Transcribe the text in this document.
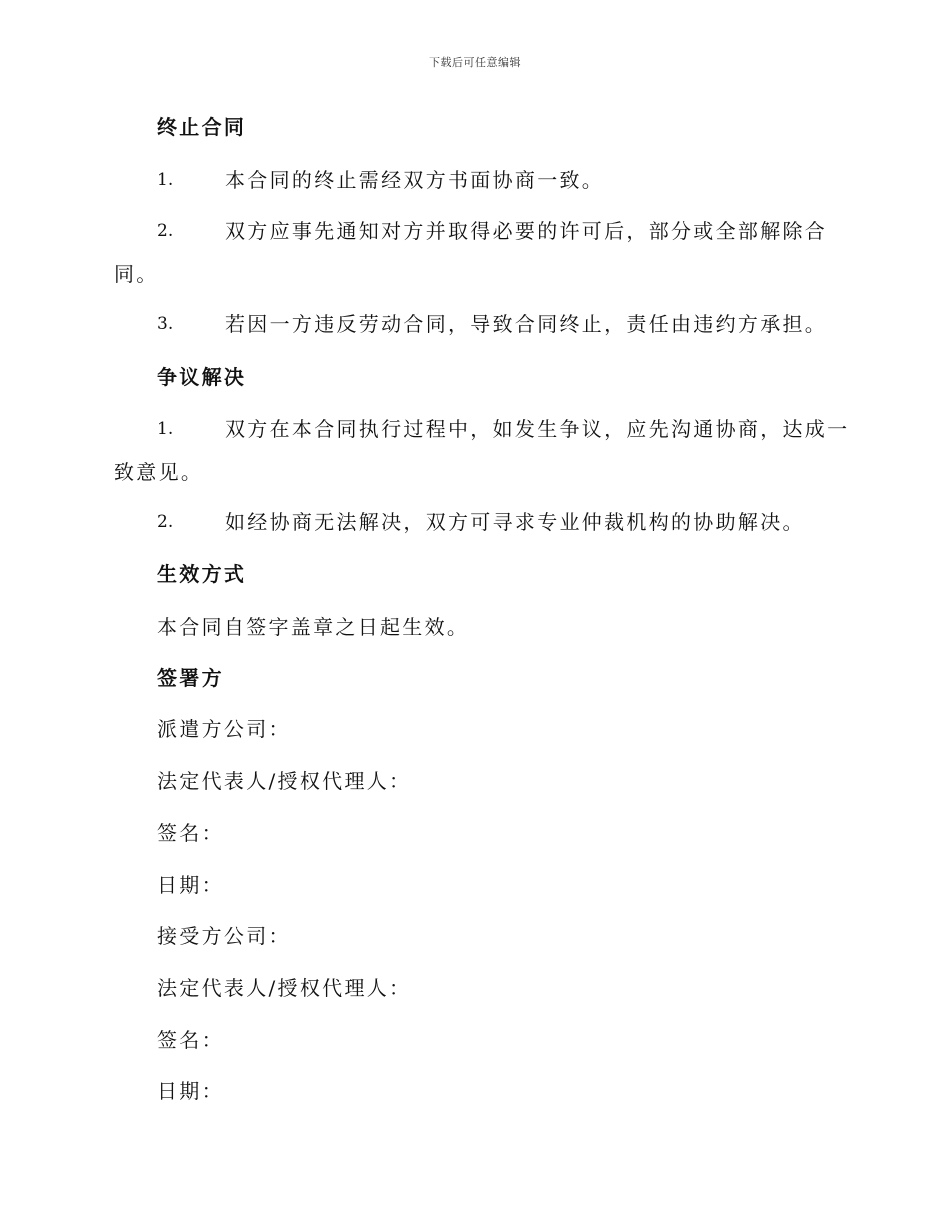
下载后可任意编辑
终止合同
1.	本合同的终止需经双方书面协商一致。
2.	双方应事先通知对方并取得必要的许可后，部分或全部解除合
同。
3.	若因一方违反劳动合同，导致合同终止，责任由违约方承担。
争议解决
1.	双方在本合同执行过程中，如发生争议，应先沟通协商，达成一
致意见。
2.	如经协商无法解决，双方可寻求专业仲裁机构的协助解决。
生效方式
本合同自签字盖章之日起生效。
签署方
派遣方公司：
法定代表人/授权代理人：
签名：
日期：
接受方公司：
法定代表人/授权代理人：
签名：
日期：
